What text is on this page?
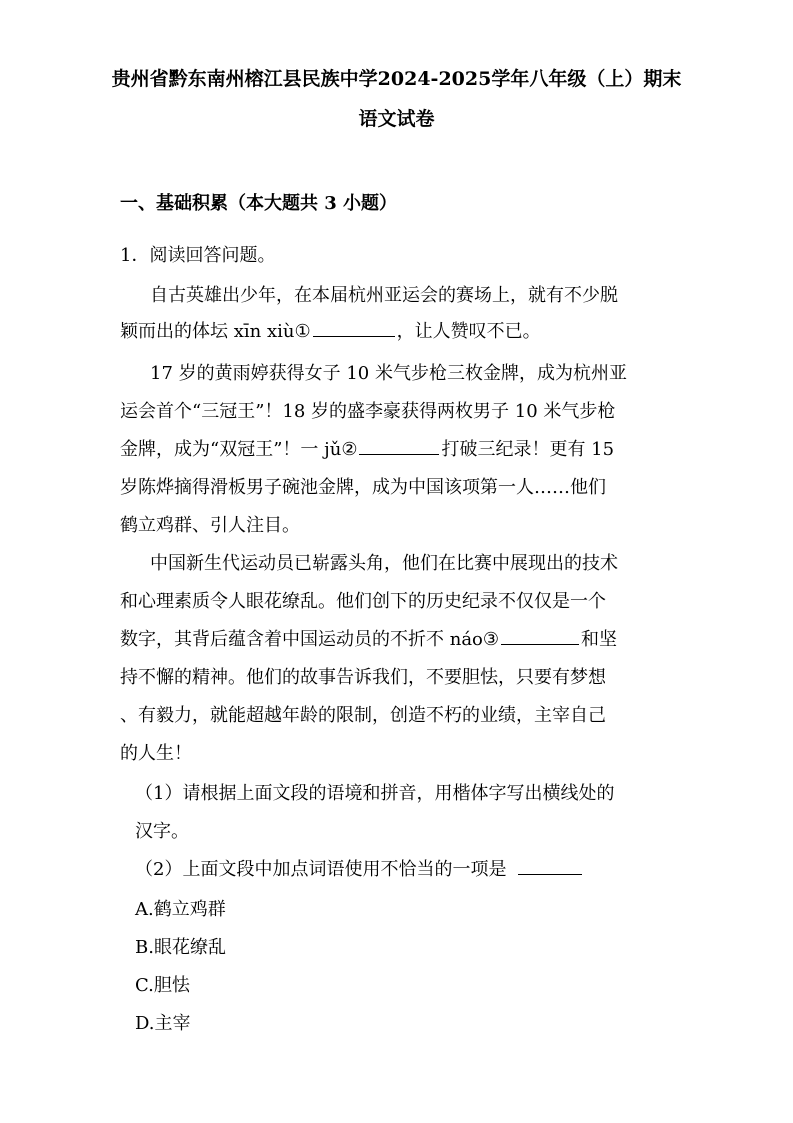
贵州省黔东南州榕江县民族中学2024-2025学年八年级（上）期末
语文试卷
一、基础积累（本大题共 3 小题）
1．阅读回答问题。
自古英雄出少年，在本届杭州亚运会的赛场上，就有不少脱
颖而出的体坛 xīn xiù①	，让人赞叹不已。
17 岁的黄雨婷获得女子 10 米气步枪三枚金牌，成为杭州亚
运会首个“三冠王”！18 岁的盛李豪获得两枚男子 10 米气步枪
金牌，成为“双冠王”！一 jǔ②	打破三纪录！更有 15
岁陈烨摘得滑板男子碗池金牌，成为中国该项第一人……他们
鹤立鸡群、引人注目。
中国新生代运动员已崭露头角，他们在比赛中展现出的技术
和心理素质令人眼花缭乱。他们创下的历史纪录不仅仅是一个
数字，其背后蕴含着中国运动员的不折不 náo③	和坚
持不懈的精神。他们的故事告诉我们，不要胆怯，只要有梦想
、有毅力，就能超越年龄的限制，创造不朽的业绩，主宰自己
的人生！
（1）请根据上面文段的语境和拼音，用楷体字写出横线处的
汉字。
（2）上面文段中加点词语使用不恰当的一项是
A.鹤立鸡群
B.眼花缭乱
C.胆怯
D.主宰
